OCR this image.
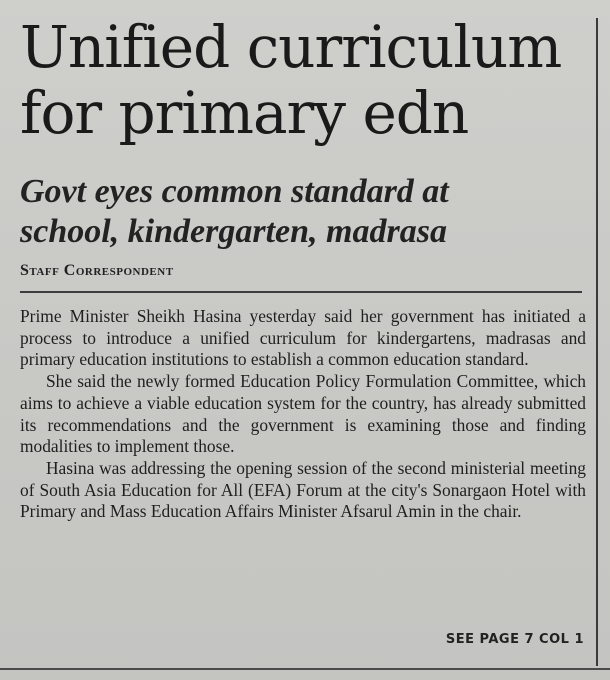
Unified curriculum
for primary edn
Govt eyes common standard at
school, kindergarten, madrasa
Staff Correspondent

Prime Minister Sheikh Hasina yesterday said her government has initiated a process to introduce a unified curriculum for kindergartens, madrasas and primary education institutions to establish a common education standard.

She said the newly formed Education Policy Formulation Committee, which aims to achieve a viable education system for the country, has already submitted its recommendations and the government is examining those and finding modalities to implement those.

Hasina was addressing the opening session of the second ministerial meeting of South Asia Education for All (EFA) Forum at the city's Sonargaon Hotel with Primary and Mass Education Affairs Minister Afsarul Amin in the chair.

SEE PAGE 7 COL 1
